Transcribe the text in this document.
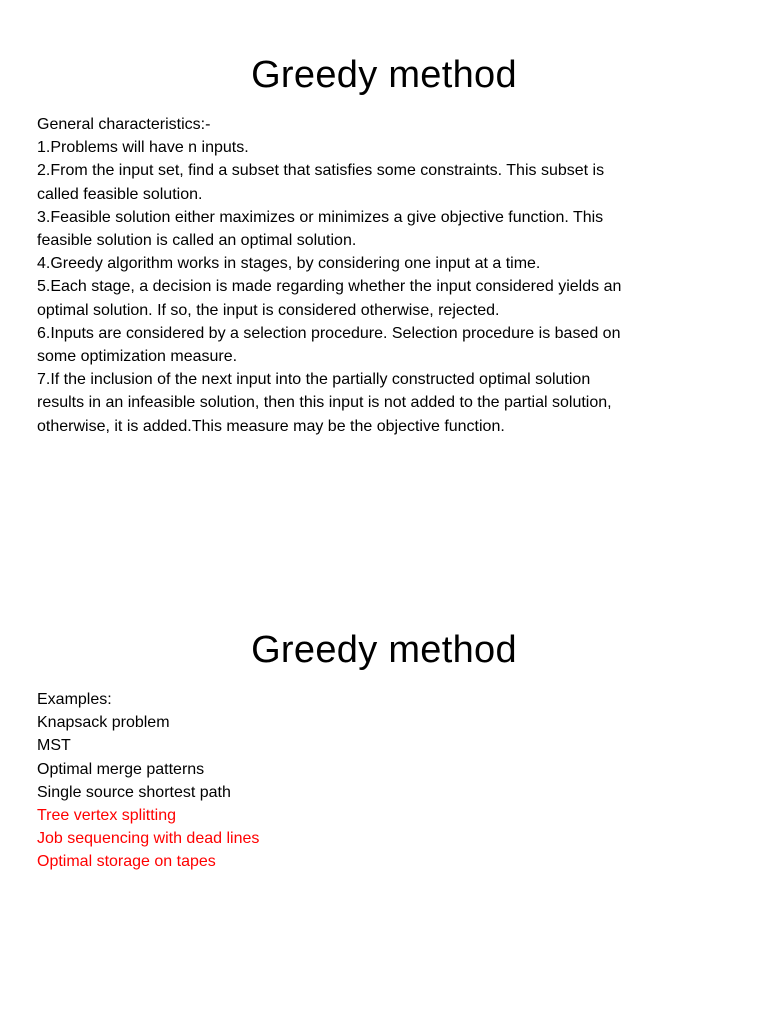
Greedy method
General characteristics:-
1.Problems will have n inputs.
2.From the input set, find a subset that satisfies some constraints. This subset is
called feasible solution.
3.Feasible solution either maximizes or minimizes a give objective function. This
feasible solution is called an optimal solution.
4.Greedy algorithm works in stages, by considering one input at a time.
5.Each stage, a decision is made regarding whether the input considered yields an
optimal solution. If so, the input is considered otherwise, rejected.
6.Inputs are considered by a selection procedure. Selection procedure is based on
some optimization measure.
7.If the inclusion of the next input into the partially constructed optimal solution
results in an infeasible solution, then this input is not added to the partial solution,
otherwise, it is added.This measure may be the objective function.
Greedy method
Examples:
Knapsack problem
MST
Optimal merge patterns
Single source shortest path
Tree vertex splitting
Job sequencing with dead lines
Optimal storage on tapes
